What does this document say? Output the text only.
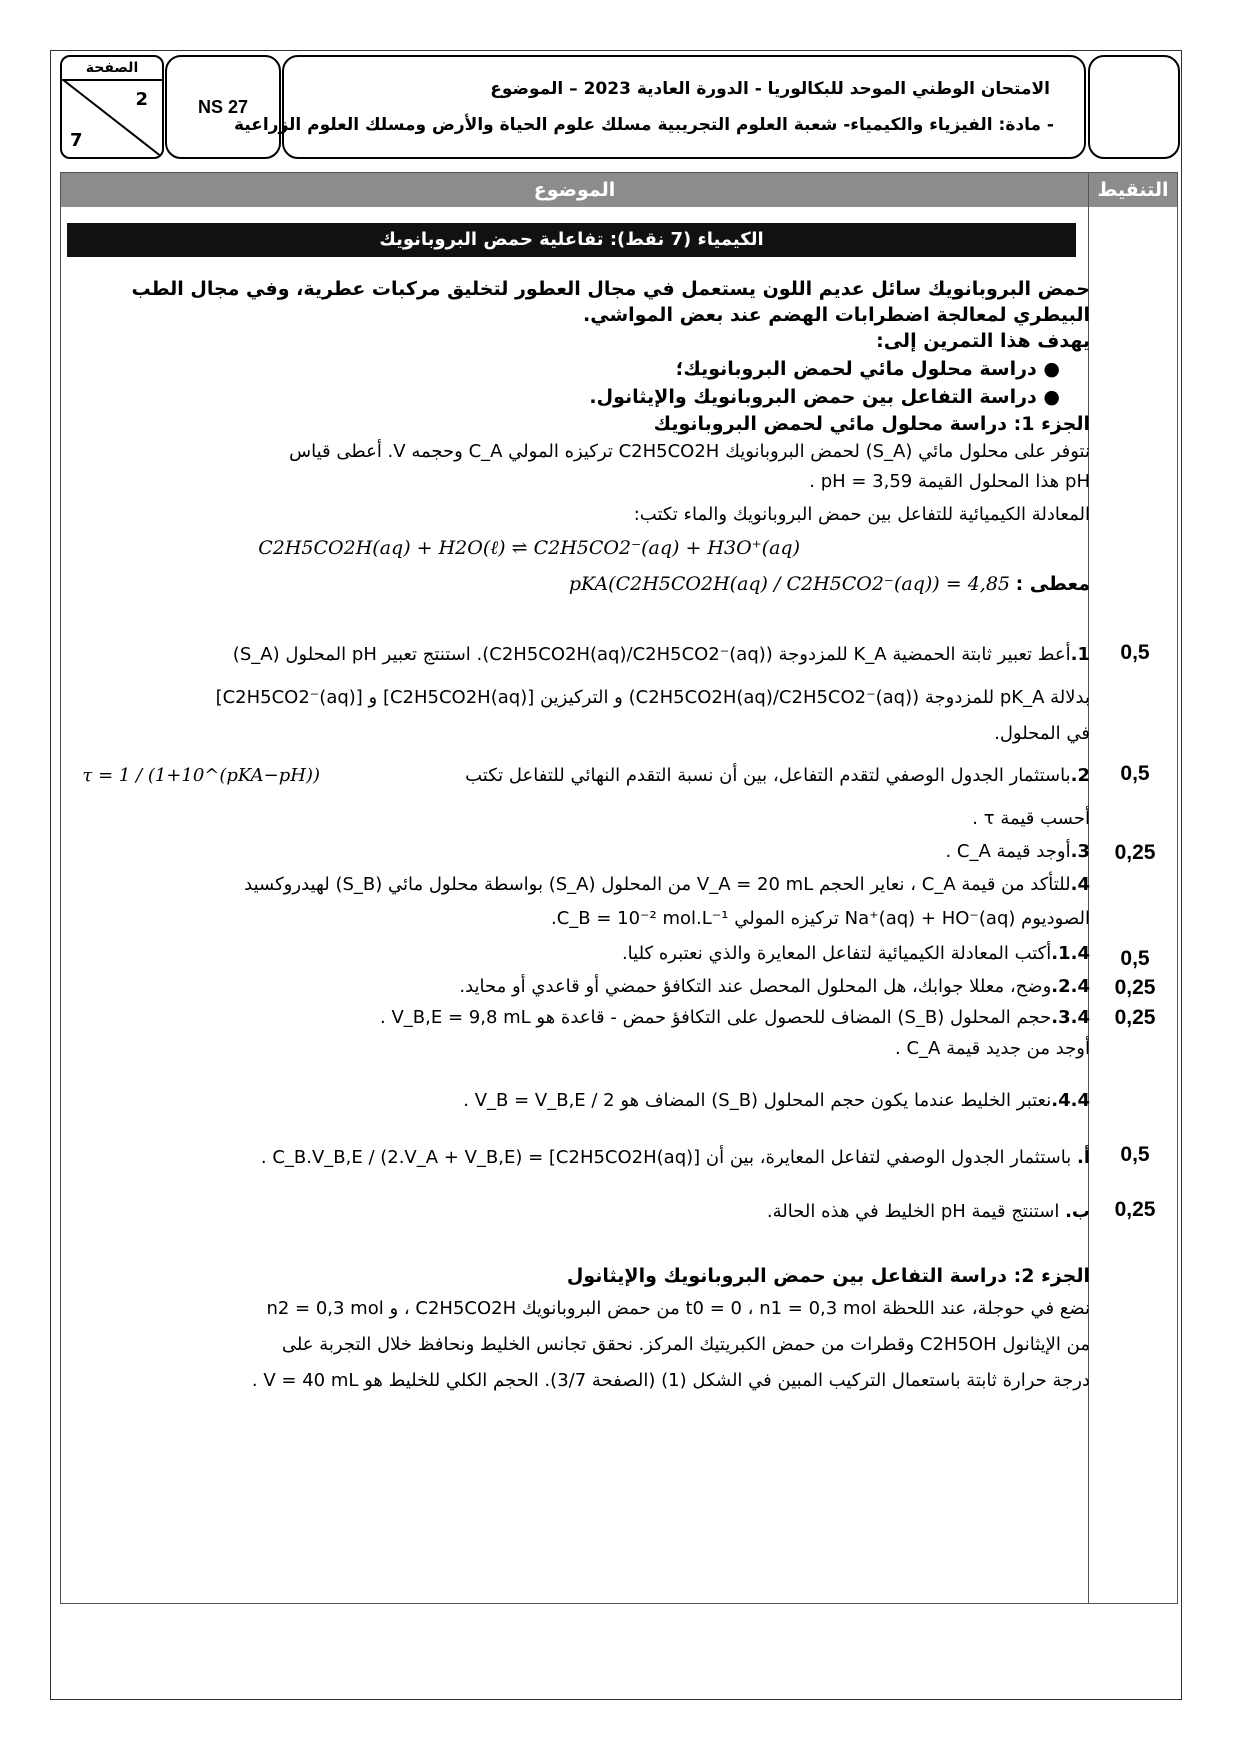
الصفحة
2
7
NS 27
الامتحان الوطني الموحد للبكالوريا - الدورة العادية 2023 – الموضوع
- مادة: الفيزياء والكيمياء- شعبة العلوم التجريبية مسلك علوم الحياة والأرض ومسلك العلوم الزراعية
الموضوع	التنقيط
الكيمياء (7 نقط): تفاعلية حمض البروبانويك
حمض البروبانويك سائل عديم اللون يستعمل في مجال العطور لتخليق مركبات عطرية، وفي مجال الطب
البيطري لمعالجة اضطرابات الهضم عند بعض المواشي.
يهدف هذا التمرين إلى:
● دراسة محلول مائي لحمض البروبانويك؛
● دراسة التفاعل بين حمض البروبانويك والإيثانول.
الجزء 1: دراسة محلول مائي لحمض البروبانويك
نتوفر على محلول مائي (S_A) لحمض البروبانويك C2H5CO2H تركيزه المولي C_A وحجمه V. أعطى قياس
pH هذا المحلول القيمة pH = 3,59 .
المعادلة الكيميائية للتفاعل بين حمض البروبانويك والماء تكتب:
C2H5CO2H(aq) + H2O(ℓ) ⇌ C2H5CO2⁻(aq) + H3O⁺(aq)
معطى :
pKA(C2H5CO2H(aq) / C2H5CO2⁻(aq)) = 4,85
0,5
1.أعط تعبير ثابتة الحمضية K_A للمزدوجة (C2H5CO2H(aq)/C2H5CO2⁻(aq)). استنتج تعبير pH المحلول (S_A)
بدلالة pK_A للمزدوجة (C2H5CO2H(aq)/C2H5CO2⁻(aq)) و التركيزين [C2H5CO2H(aq)] و [C2H5CO2⁻(aq)]
في المحلول.
0,5
2.باستثمار الجدول الوصفي لتقدم التفاعل، بين أن نسبة التقدم النهائي للتفاعل تكتب
τ = 1 / (1+10^(pKA−pH))
أحسب قيمة τ .
0,25
3.أوجد قيمة C_A .
4.للتأكد من قيمة C_A ، نعاير الحجم V_A = 20 mL من المحلول (S_A) بواسطة محلول مائي (S_B) لهيدروكسيد
الصوديوم Na⁺(aq) + HO⁻(aq) تركيزه المولي C_B = 10⁻² mol.L⁻¹.
0,5
1.4.أكتب المعادلة الكيميائية لتفاعل المعايرة والذي نعتبره كليا.
0,25
2.4.وضح، معللا جوابك، هل المحلول المحصل عند التكافؤ حمضي أو قاعدي أو محايد.
0,25
3.4.حجم المحلول (S_B) المضاف للحصول على التكافؤ حمض - قاعدة هو V_B,E = 9,8 mL .
أوجد من جديد قيمة C_A .
4.4.نعتبر الخليط عندما يكون حجم المحلول (S_B) المضاف هو V_B = V_B,E / 2 .
0,5
أ. باستثمار الجدول الوصفي لتفاعل المعايرة، بين أن [C2H5CO2H(aq)] = C_B.V_B,E / (2.V_A + V_B,E) .
0,25
ب. استنتج قيمة pH الخليط في هذه الحالة.
الجزء 2: دراسة التفاعل بين حمض البروبانويك والإيثانول
نضع في حوجلة، عند اللحظة t0 = 0 ، n1 = 0,3 mol من حمض البروبانويك C2H5CO2H ، و n2 = 0,3 mol
من الإيثانول C2H5OH وقطرات من حمض الكبريتيك المركز. نحقق تجانس الخليط ونحافظ خلال التجربة على
درجة حرارة ثابتة باستعمال التركيب المبين في الشكل (1) (الصفحة 3/7). الحجم الكلي للخليط هو V = 40 mL .
